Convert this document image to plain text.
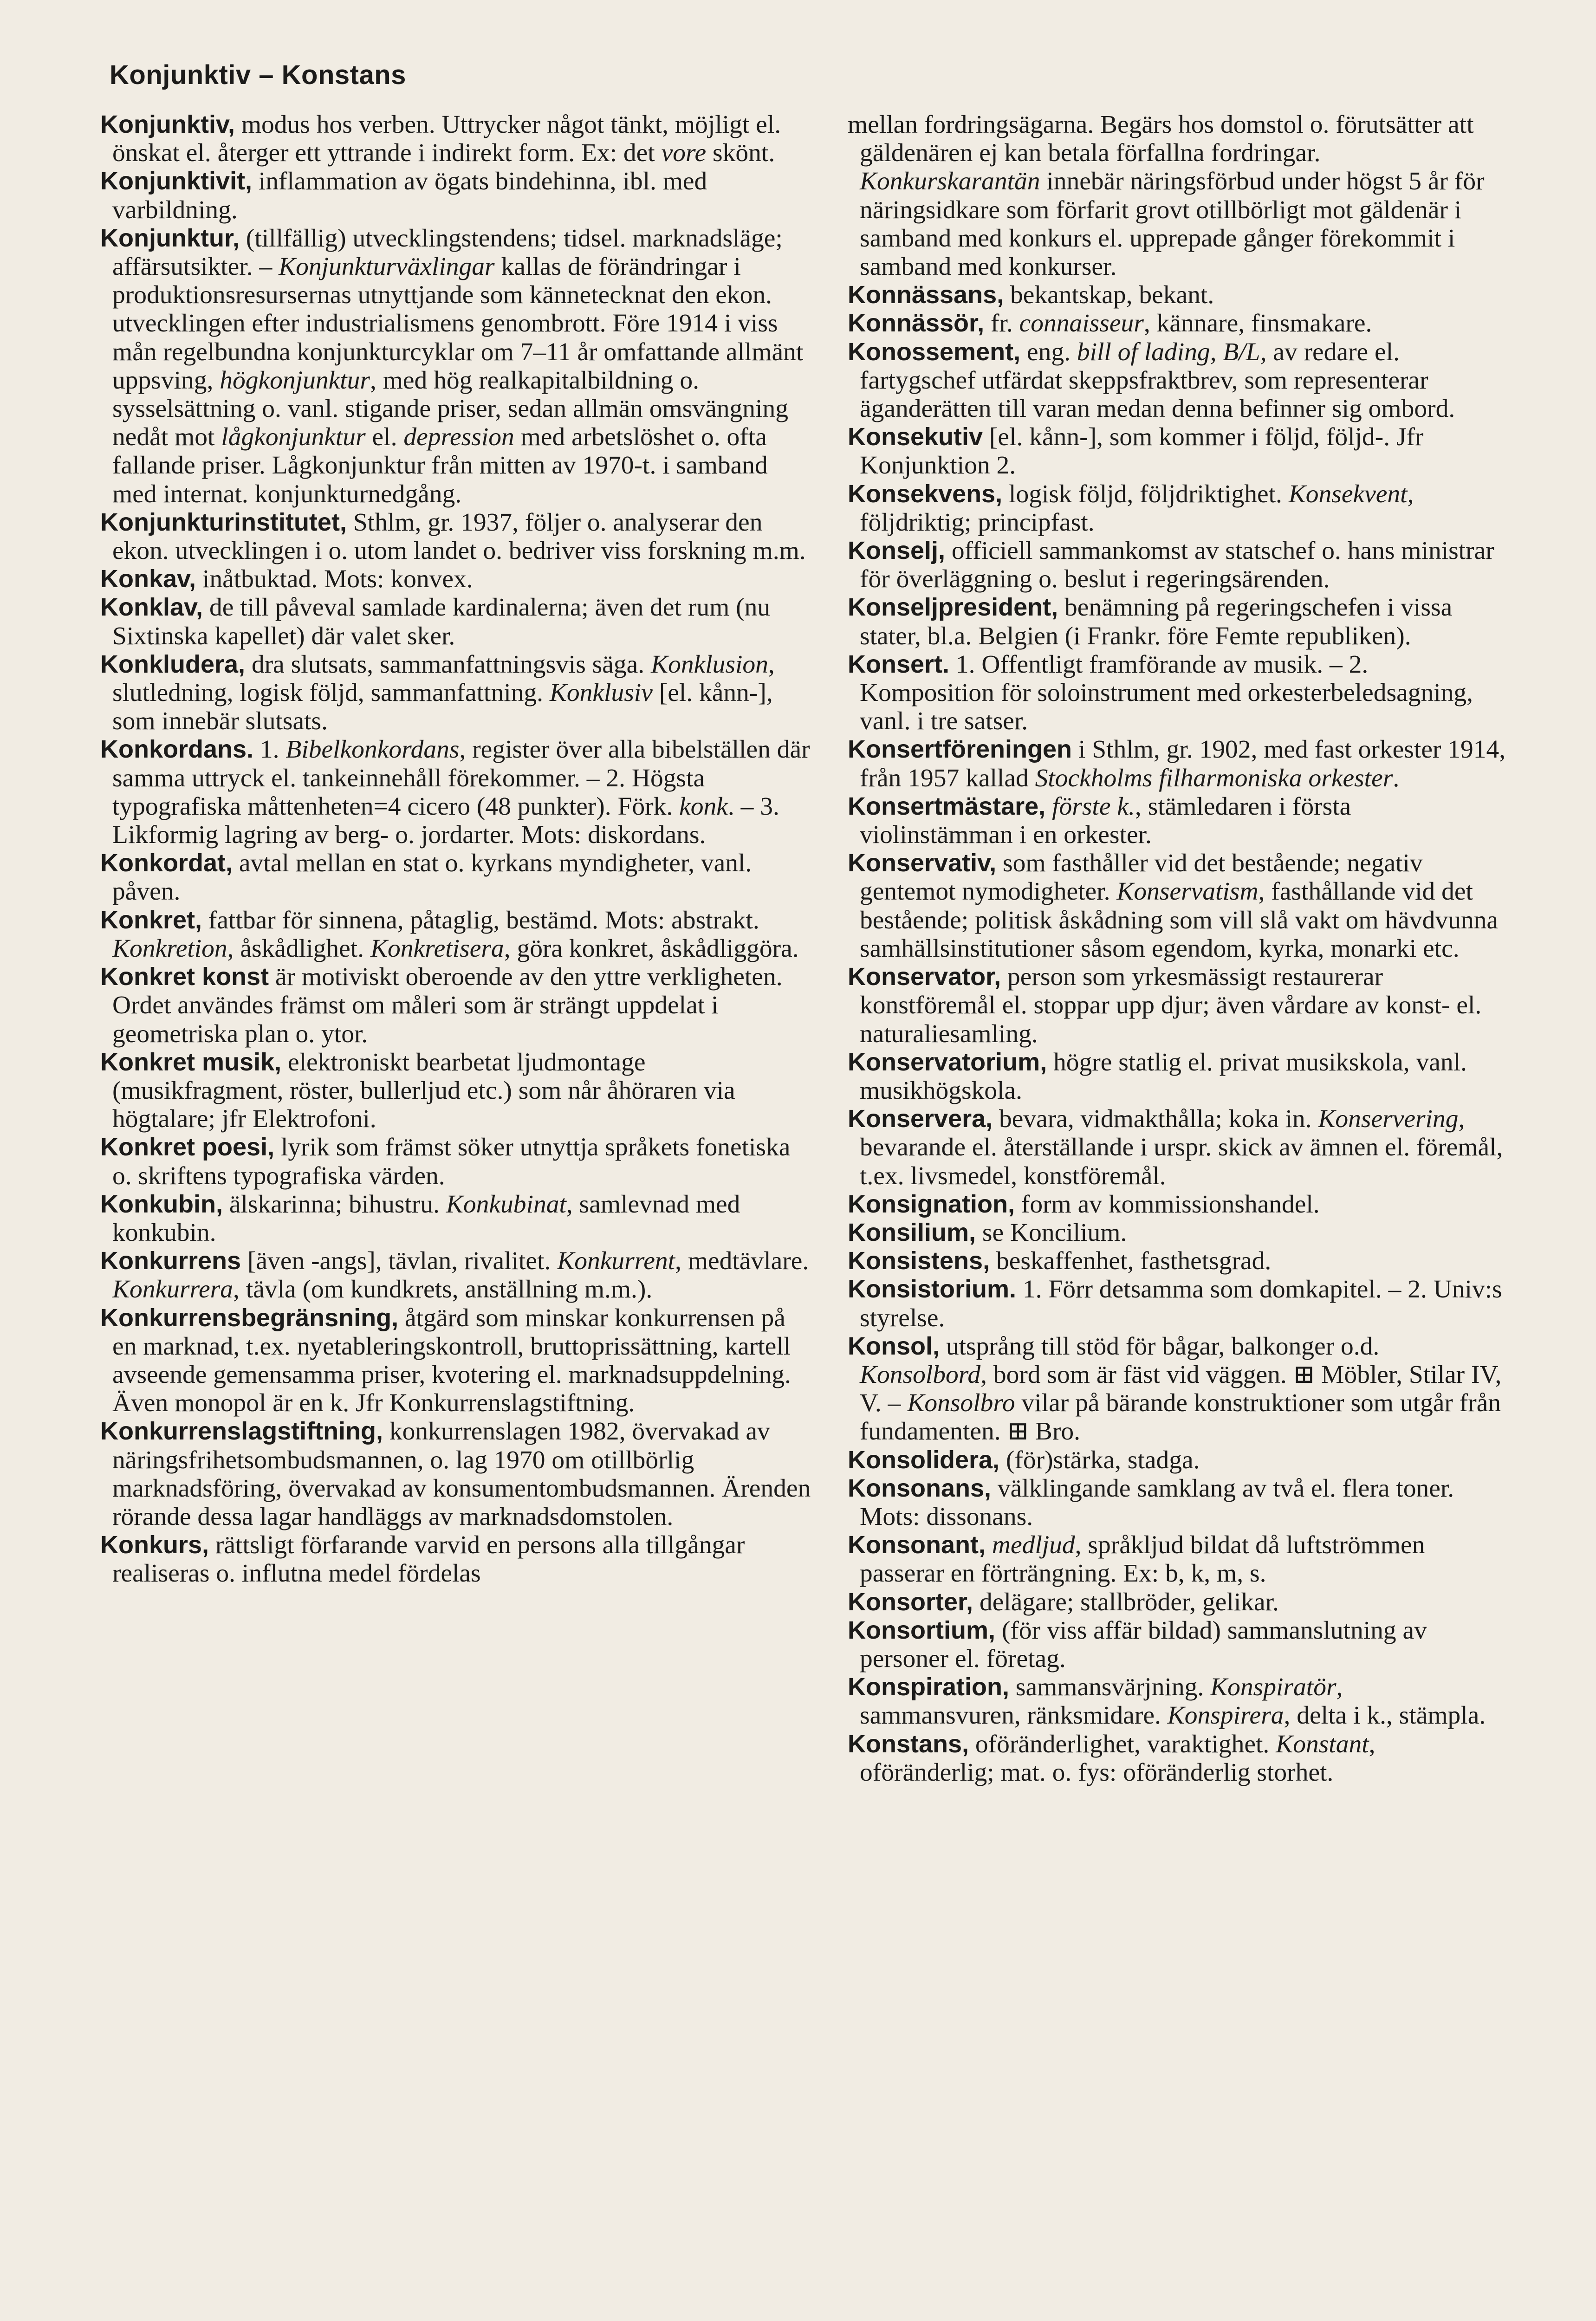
Konjunktiv – Konstans

Konjunktiv, modus hos verben. Uttrycker något tänkt, möjligt el. önskat el. återger ett yttrande i indirekt form. Ex: det vore skönt.

Konjunktivit, inflammation av ögats bindehinna, ibl. med varbildning.

Konjunktur, (tillfällig) utvecklingstendens; tidsel. marknadsläge; affärsutsikter. – Konjunkturväxlingar kallas de förändringar i produktionsresursernas utnyttjande som kännetecknat den ekon. utvecklingen efter industrialismens genombrott. Före 1914 i viss mån regelbundna konjunkturcyklar om 7–11 år omfattande allmänt uppsving, högkonjunktur, med hög realkapitalbildning o. sysselsättning o. vanl. stigande priser, sedan allmän omsvängning nedåt mot lågkonjunktur el. depression med arbetslöshet o. ofta fallande priser. Lågkonjunktur från mitten av 1970-t. i samband med internat. konjunkturnedgång.

Konjunkturinstitutet, Sthlm, gr. 1937, följer o. analyserar den ekon. utvecklingen i o. utom landet o. bedriver viss forskning m.m.

Konkav, inåtbuktad. Mots: konvex.

Konklav, de till påveval samlade kardinalerna; även det rum (nu Sixtinska kapellet) där valet sker.

Konkludera, dra slutsats, sammanfattningsvis säga. Konklusion, slutledning, logisk följd, sammanfattning. Konklusiv [el. kånn-], som innebär slutsats.

Konkordans. 1. Bibelkonkordans, register över alla bibelställen där samma uttryck el. tankeinnehåll förekommer. – 2. Högsta typografiska måttenheten=4 cicero (48 punkter). Förk. konk. – 3. Likformig lagring av berg- o. jordarter. Mots: diskordans.

Konkordat, avtal mellan en stat o. kyrkans myndigheter, vanl. påven.

Konkret, fattbar för sinnena, påtaglig, bestämd. Mots: abstrakt. Konkretion, åskådlighet. Konkretisera, göra konkret, åskådliggöra.

Konkret konst är motiviskt oberoende av den yttre verkligheten. Ordet användes främst om måleri som är strängt uppdelat i geometriska plan o. ytor.

Konkret musik, elektroniskt bearbetat ljudmontage (musikfragment, röster, bullerljud etc.) som når åhöraren via högtalare; jfr Elektrofoni.

Konkret poesi, lyrik som främst söker utnyttja språkets fonetiska o. skriftens typografiska värden.

Konkubin, älskarinna; bihustru. Konkubinat, samlevnad med konkubin.

Konkurrens [även -angs], tävlan, rivalitet. Konkurrent, medtävlare. Konkurrera, tävla (om kundkrets, anställning m.m.).

Konkurrensbegränsning, åtgärd som minskar konkurrensen på en marknad, t.ex. nyetableringskontroll, bruttoprissättning, kartell avseende gemensamma priser, kvotering el. marknadsuppdelning. Även monopol är en k. Jfr Konkurrenslagstiftning.

Konkurrenslagstiftning, konkurrenslagen 1982, övervakad av näringsfrihetsombudsmannen, o. lag 1970 om otillbörlig marknadsföring, övervakad av konsumentombudsmannen. Ärenden rörande dessa lagar handläggs av marknadsdomstolen.

Konkurs, rättsligt förfarande varvid en persons alla tillgångar realiseras o. influtna medel fördelas

mellan fordringsägarna. Begärs hos domstol o. förutsätter att gäldenären ej kan betala förfallna fordringar. Konkurskarantän innebär näringsförbud under högst 5 år för näringsidkare som förfarit grovt otillbörligt mot gäldenär i samband med konkurs el. upprepade gånger förekommit i samband med konkurser.

Konnässans, bekantskap, bekant.

Konnässör, fr. connaisseur, kännare, finsmakare.

Konossement, eng. bill of lading, B/L, av redare el. fartygschef utfärdat skeppsfraktbrev, som representerar äganderätten till varan medan denna befinner sig ombord.

Konsekutiv [el. kånn-], som kommer i följd, följd-. Jfr Konjunktion 2.

Konsekvens, logisk följd, följdriktighet. Konsekvent, följdriktig; principfast.

Konselj, officiell sammankomst av statschef o. hans ministrar för överläggning o. beslut i regeringsärenden.

Konseljpresident, benämning på regeringschefen i vissa stater, bl.a. Belgien (i Frankr. före Femte republiken).

Konsert. 1. Offentligt framförande av musik. – 2. Komposition för soloinstrument med orkesterbeledsagning, vanl. i tre satser.

Konsertföreningen i Sthlm, gr. 1902, med fast orkester 1914, från 1957 kallad Stockholms filharmoniska orkester.

Konsertmästare, förste k., stämledaren i första violinstämman i en orkester.

Konservativ, som fasthåller vid det bestående; negativ gentemot nymodigheter. Konservatism, fasthållande vid det bestående; politisk åskådning som vill slå vakt om hävdvunna samhällsinstitutioner såsom egendom, kyrka, monarki etc.

Konservator, person som yrkesmässigt restaurerar konstföremål el. stoppar upp djur; även vårdare av konst- el. naturaliesamling.

Konservatorium, högre statlig el. privat musikskola, vanl. musikhögskola.

Konservera, bevara, vidmakthålla; koka in. Konservering, bevarande el. återställande i urspr. skick av ämnen el. föremål, t.ex. livsmedel, konstföremål.

Konsignation, form av kommissionshandel.

Konsilium, se Koncilium.

Konsistens, beskaffenhet, fasthetsgrad.

Konsistorium. 1. Förr detsamma som domkapitel. – 2. Univ:s styrelse.

Konsol, utsprång till stöd för bågar, balkonger o.d. Konsolbord, bord som är fäst vid väggen. ⊞ Möbler, Stilar IV, V. – Konsolbro vilar på bärande konstruktioner som utgår från fundamenten. ⊞ Bro.

Konsolidera, (för)stärka, stadga.

Konsonans, välklingande samklang av två el. flera toner. Mots: dissonans.

Konsonant, medljud, språkljud bildat då luftströmmen passerar en förträngning. Ex: b, k, m, s.

Konsorter, delägare; stallbröder, gelikar.

Konsortium, (för viss affär bildad) sammanslutning av personer el. företag.

Konspiration, sammansvärjning. Konspiratör, sammansvuren, ränksmidare. Konspirera, delta i k., stämpla.

Konstans, oföränderlighet, varaktighet. Konstant, oföränderlig; mat. o. fys: oföränderlig storhet.
